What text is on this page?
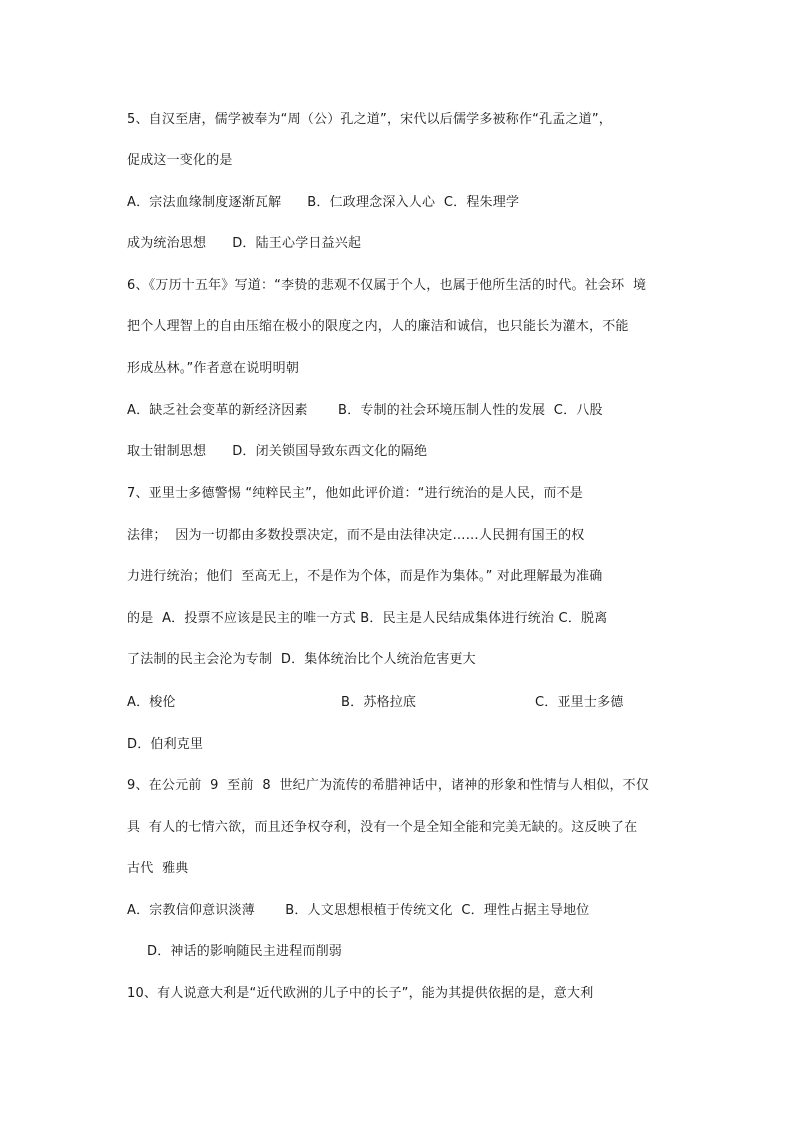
5、自汉至唐，儒学被奉为“周（公）孔之道”，宋代以后儒学多被称作“孔孟之道”，
促成这一变化的是
A．宗法血缘制度逐渐瓦解      B．仁政理念深入人心  C．程朱理学
成为统治思想      D．陆王心学日益兴起
6、《万历十五年》写道：“李贽的悲观不仅属于个人，也属于他所生活的时代。社会环  境
把个人理智上的自由压缩在极小的限度之内，人的廉洁和诚信，也只能长为灌木，不能
形成丛林。”作者意在说明明朝
A．缺乏社会变革的新经济因素       B．专制的社会环境压制人性的发展  C．八股
取士钳制思想      D．闭关锁国导致东西文化的隔绝
7、亚里士多德警惕 “纯粹民主”，他如此评价道：“进行统治的是人民，而不是
法律；  因为一切都由多数投票决定，而不是由法律决定……人民拥有国王的权
力进行统治；他们  至高无上，不是作为个体，而是作为集体。” 对此理解最为准确
的是  A．投票不应该是民主的唯一方式 B．民主是人民结成集体进行统治 C．脱离
了法制的民主会沦为专制  D．集体统治比个人统治危害更大
A．梭伦	B．苏格拉底	C．亚里士多德
D．伯利克里
9、在公元前  9  至前  8  世纪广为流传的希腊神话中，诸神的形象和性情与人相似，不仅
具  有人的七情六欲，而且还争权夺利，没有一个是全知全能和完美无缺的。这反映了在
古代  雅典
A．宗教信仰意识淡薄       B．人文思想根植于传统文化  C．理性占据主导地位
D．神话的影响随民主进程而削弱
10、有人说意大利是“近代欧洲的儿子中的长子”，能为其提供依据的是，意大利
